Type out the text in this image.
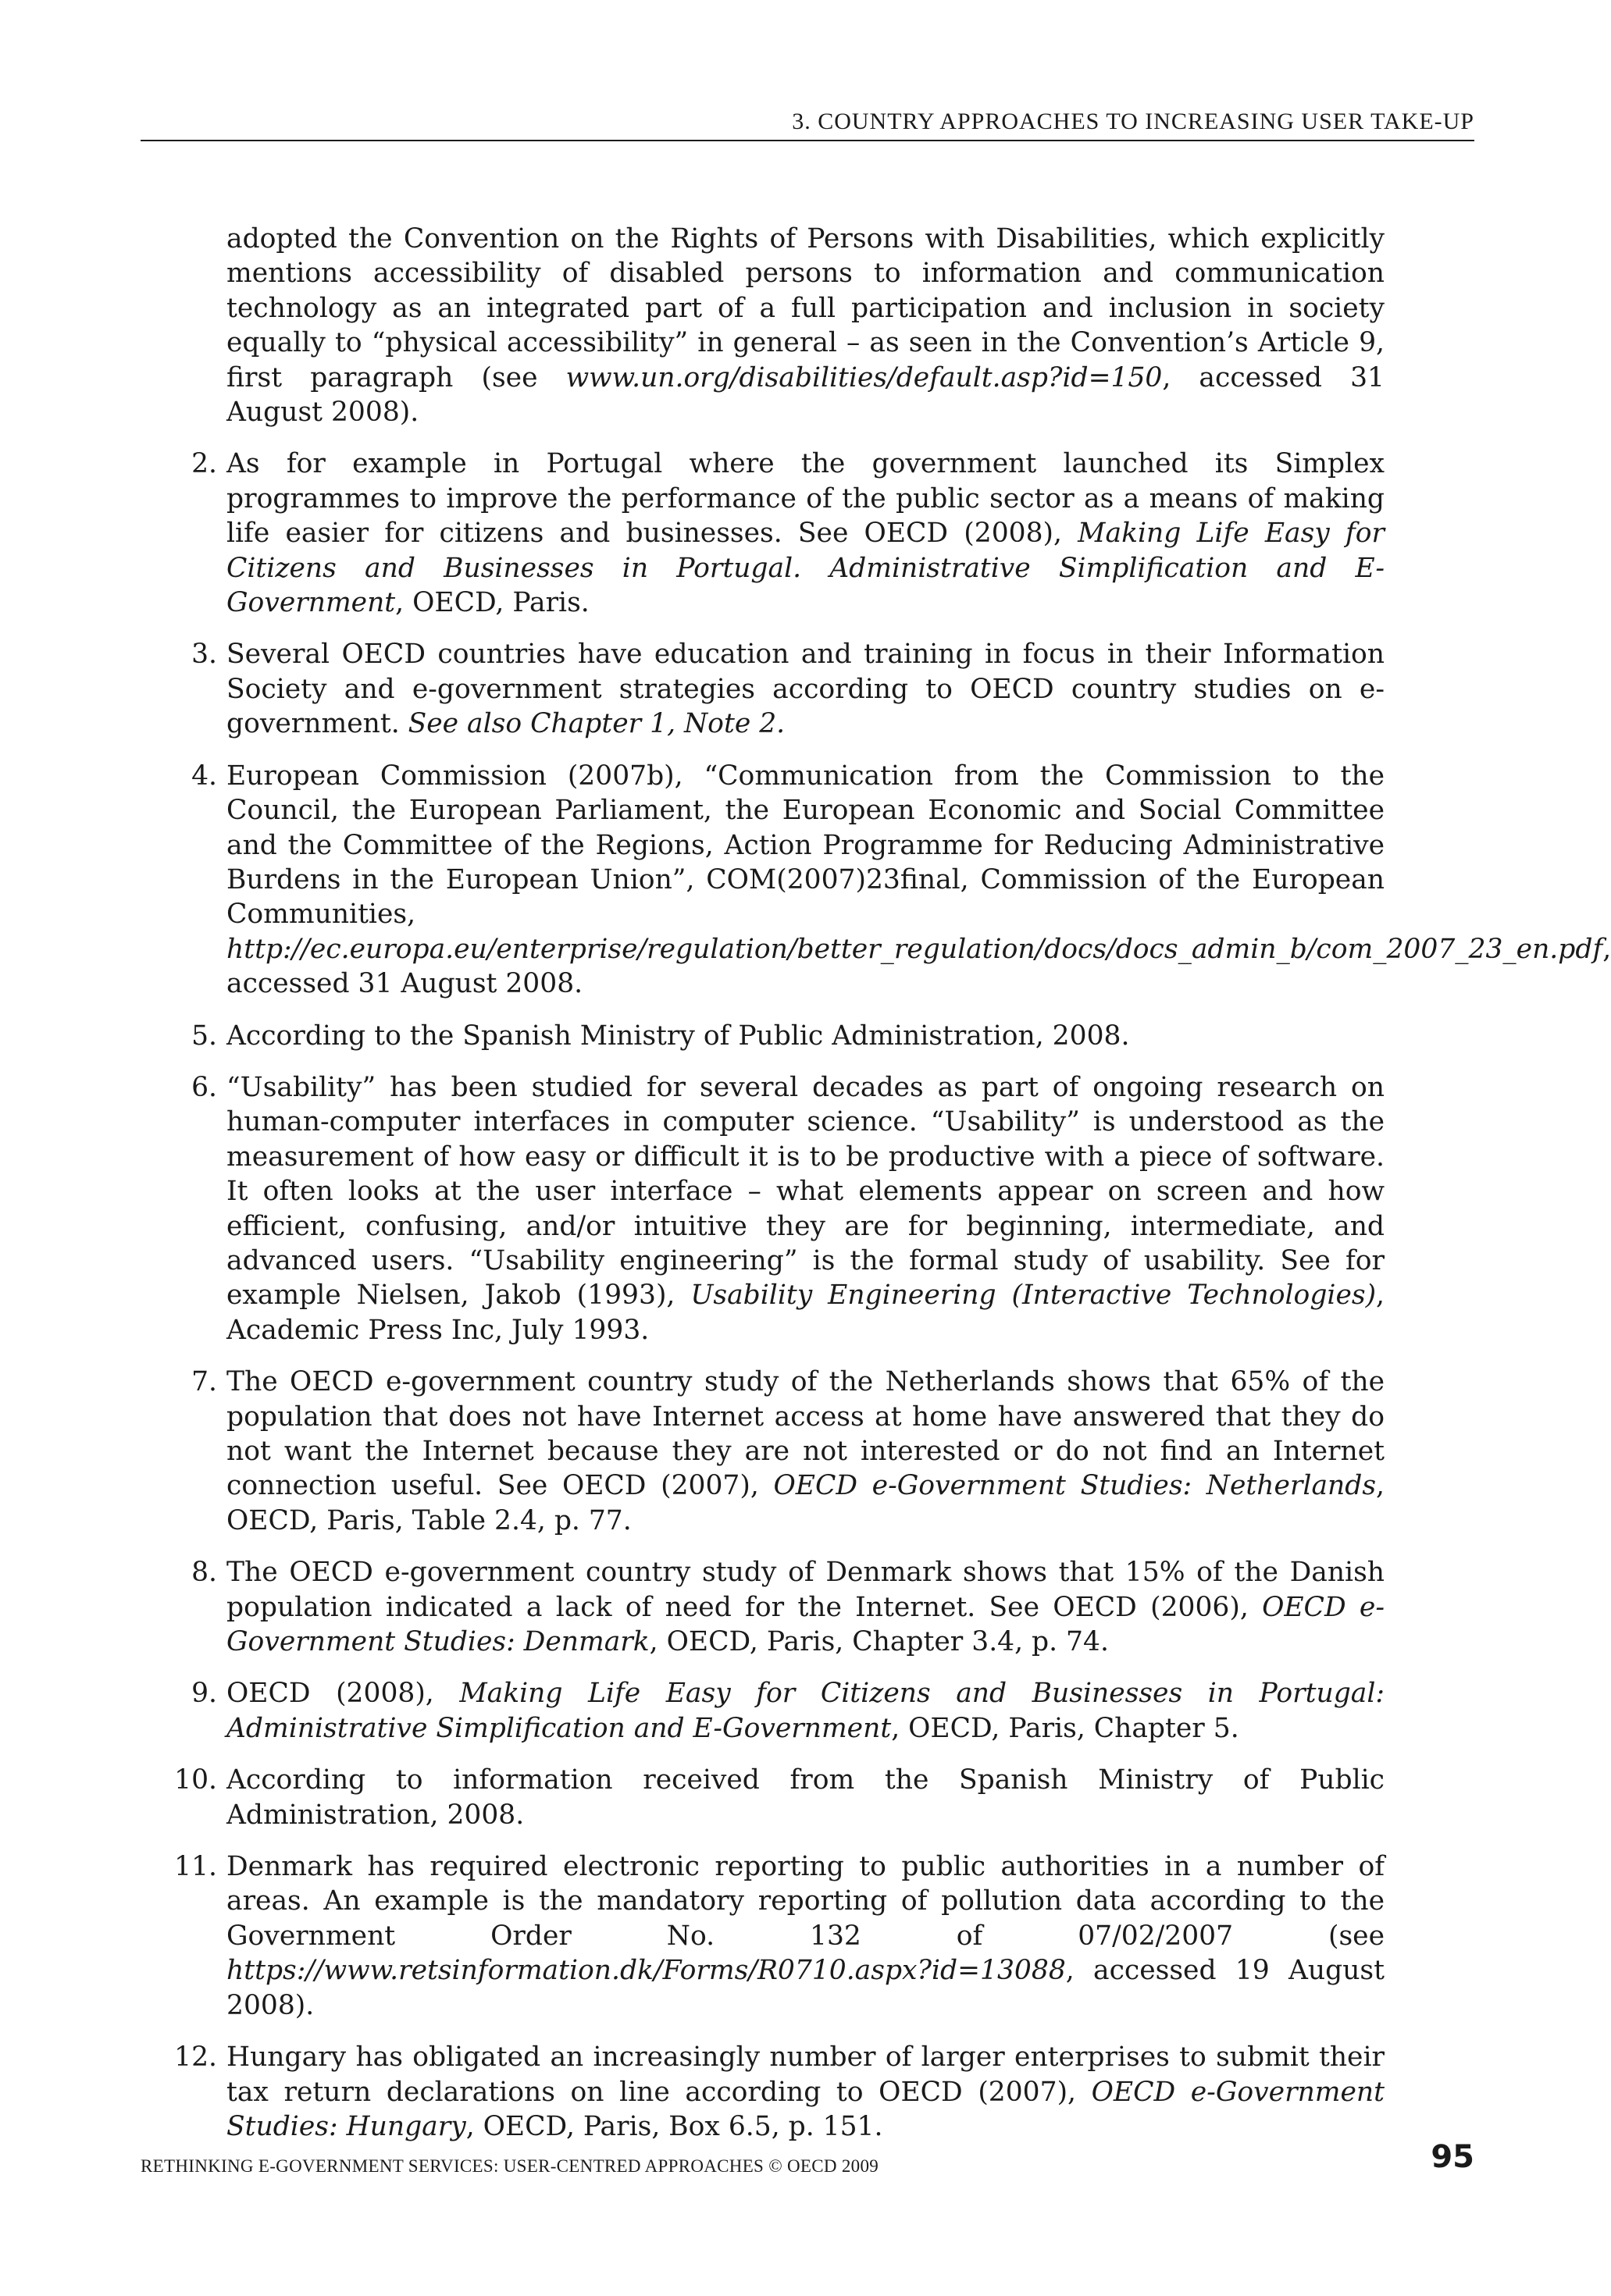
3. COUNTRY APPROACHES TO INCREASING USER TAKE-UP
adopted the Convention on the Rights of Persons with Disabilities, which explicitly mentions accessibility of disabled persons to information and communication technology as an integrated part of a full participation and inclusion in society equally to “physical accessibility” in general – as seen in the Convention’s Article 9, first paragraph (see www.un.org/disabilities/default.asp?id=150, accessed 31 August 2008).
2. As for example in Portugal where the government launched its Simplex programmes to improve the performance of the public sector as a means of making life easier for citizens and businesses. See OECD (2008), Making Life Easy for Citizens and Businesses in Portugal. Administrative Simplification and E-Government, OECD, Paris.
3. Several OECD countries have education and training in focus in their Information Society and e-government strategies according to OECD country studies on e-government. See also Chapter 1, Note 2.
4. European Commission (2007b), “Communication from the Commission to the Council, the European Parliament, the European Economic and Social Committee and the Committee of the Regions, Action Programme for Reducing Administrative Burdens in the European Union”, COM(2007)23final, Commission of the European Communities, http://ec.europa.eu/enterprise/regulation/better_regulation/docs/docs_admin_b/com_2007_23_en.pdf, accessed 31 August 2008.
5. According to the Spanish Ministry of Public Administration, 2008.
6. “Usability” has been studied for several decades as part of ongoing research on human-computer interfaces in computer science. “Usability” is understood as the measurement of how easy or difficult it is to be productive with a piece of software. It often looks at the user interface – what elements appear on screen and how efficient, confusing, and/or intuitive they are for beginning, intermediate, and advanced users. “Usability engineering” is the formal study of usability. See for example Nielsen, Jakob (1993), Usability Engineering (Interactive Technologies), Academic Press Inc, July 1993.
7. The OECD e-government country study of the Netherlands shows that 65% of the population that does not have Internet access at home have answered that they do not want the Internet because they are not interested or do not find an Internet connection useful. See OECD (2007), OECD e-Government Studies: Netherlands, OECD, Paris, Table 2.4, p. 77.
8. The OECD e-government country study of Denmark shows that 15% of the Danish population indicated a lack of need for the Internet. See OECD (2006), OECD e-Government Studies: Denmark, OECD, Paris, Chapter 3.4, p. 74.
9. OECD (2008), Making Life Easy for Citizens and Businesses in Portugal: Administrative Simplification and E-Government, OECD, Paris, Chapter 5.
10. According to information received from the Spanish Ministry of Public Administration, 2008.
11. Denmark has required electronic reporting to public authorities in a number of areas. An example is the mandatory reporting of pollution data according to the Government Order No. 132 of 07/02/2007 (see https://www.retsinformation.dk/Forms/R0710.aspx?id=13088, accessed 19 August 2008).
12. Hungary has obligated an increasingly number of larger enterprises to submit their tax return declarations on line according to OECD (2007), OECD e-Government Studies: Hungary, OECD, Paris, Box 6.5, p. 151.
RETHINKING E-GOVERNMENT SERVICES: USER-CENTRED APPROACHES © OECD 2009	95
